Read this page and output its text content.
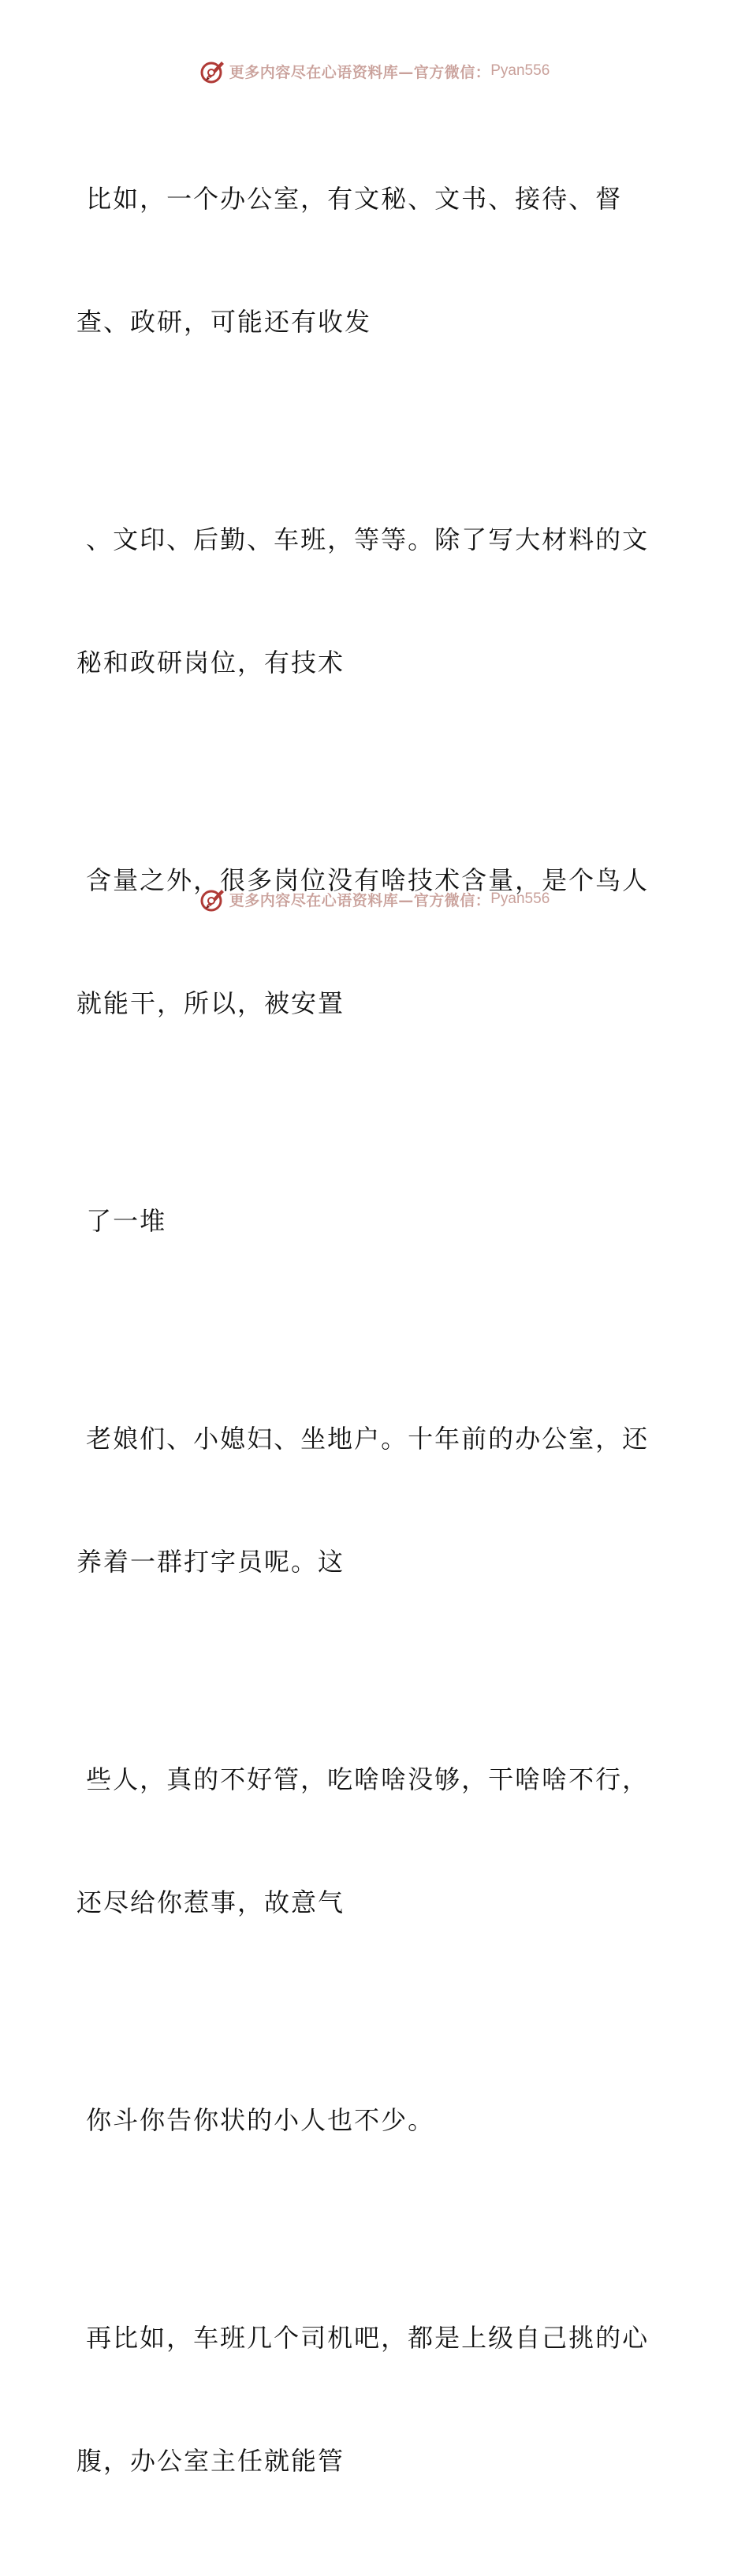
更多内容尽在心语资料库—官方微信： Pyan556

比如，一个办公室，有文秘、文书、接待、督

查、政研，可能还有收发

、文印、后勤、车班，等等。除了写大材料的文

秘和政研岗位，有技术

含量之外，很多岗位没有啥技术含量，是个鸟人

就能干，所以，被安置

了一堆

老娘们、小媳妇、坐地户。十年前的办公室，还

养着一群打字员呢。这

些人，真的不好管，吃啥啥没够，干啥啥不行，

还尽给你惹事，故意气

你斗你告你状的小人也不少。

再比如，车班几个司机吧，都是上级自己挑的心

腹，办公室主任就能管

更多内容尽在心语资料库—官方微信： Pyan556
